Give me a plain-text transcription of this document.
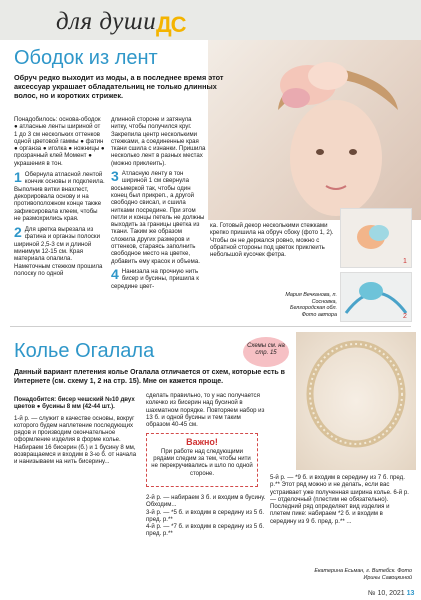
для души ДС
1
2
Мария Вечканова, п. Сосновка, Белгородская обл. Фото автора
Ободок из лент
Обруч редко выходит из моды, а в последнее время этот аксессуар украшает обладательниц не только длинных волос, но и коротких стрижек.
Понадобилось: основа-ободок ● атласные ленты шириной от 1 до 3 см нескольких оттенков одной цветовой гаммы ● фатин ● органза ● иголка ● ножницы ● прозрачный клей Момент ● украшения в тон.
1 Обернула атласной лентой кончик основы и подклеила. Выполнив витки внахлест, декорировала основу и на противоположном конце также зафиксировала клеем, чтобы не размохрились края.
2 Для цветка вырезала из фатина и органзы полоски шириной 2,5-3 см и длиной минимум 12-15 см. Края материала опалила. Наметочным стежком прошила полоску по одной
длинной стороне и затянула нитку, чтобы получился круг. Закрепила центр несколькими стежками, а соединенные края ткани сшила с изнанки. Пришила несколько лент в разных местах (можно приклеить).
3 Атласную ленту в тон шириной 1 см свернула восьмеркой так, чтобы один конец был прикреп., а другой свободно свисал, и сшила нитками посредине. При этом петли и концы петель не должны выходить за границы цветка из ткани. Таким же образом сложила других размеров и оттенков, стараясь заполнить свободное место на цветке, добавить ему красок и объема.
4 Нанизала на прочную нить бисер и бусины, пришила к середине цвет-
ка. Готовый декор несколькими стежками крепко пришила на обруч сбоку (фото 1, 2). Чтобы он не держался ровно, можно с обратной стороны под цветок приклеить небольшой кусочек фетра.
Колье Огалала	Схемы см. на стр. 15
Данный вариант плетения колье Огалала отличается от схем, которые есть в Интернете (см. схему 1, 2 на стр. 15). Мне он кажется проще.
Понадобится: бисер чешский №10 двух цветов ● бусины 8 мм (42-44 шт.).
1-й р. — служит в качестве основы, вокруг которого будем наплетение последующих рядов и производим окончательное оформление изделия в форме колье. Набираем 16 бисерин (б.) и 1 бусину 8 мм, возвращаемся и входим в 3-ю б. от начала и нанизываем на нить бисерину...
сделать правильно, то у нас получается колечко из бисерин над бусиной в шахматном порядке. Повторяем набор из 13 б. и одной бусины и тем таким образом 40-45 см.
Важно!
При работе над следующими рядами следим за тем, чтобы нити не перекручивались и шло по одной стороне.
2-й р. — набираем 3 б. и входим в бусину. Обходим...
3-й р. — *5 б. и входим в середину из 5 б. пред. р.**
4-й р. — *7 б. и входим в середину из 5 б. пред. р.**
5-й р. — *9 б. и входим в середину из 7 б. пред. р.** Этот ряд можно и не делать, если вас устраивает уже полученная ширина колье. 6-й р. — отделочный (плестим не обязательно). Последний ряд определяет вид изделия и плетем пике: набираем *2 б. и входим в середину из 9 б. пред. р.** ...
Екатерина Есьман, г. Витебск. Фото Ирины Савоцкиной
№ 10, 2021 13
